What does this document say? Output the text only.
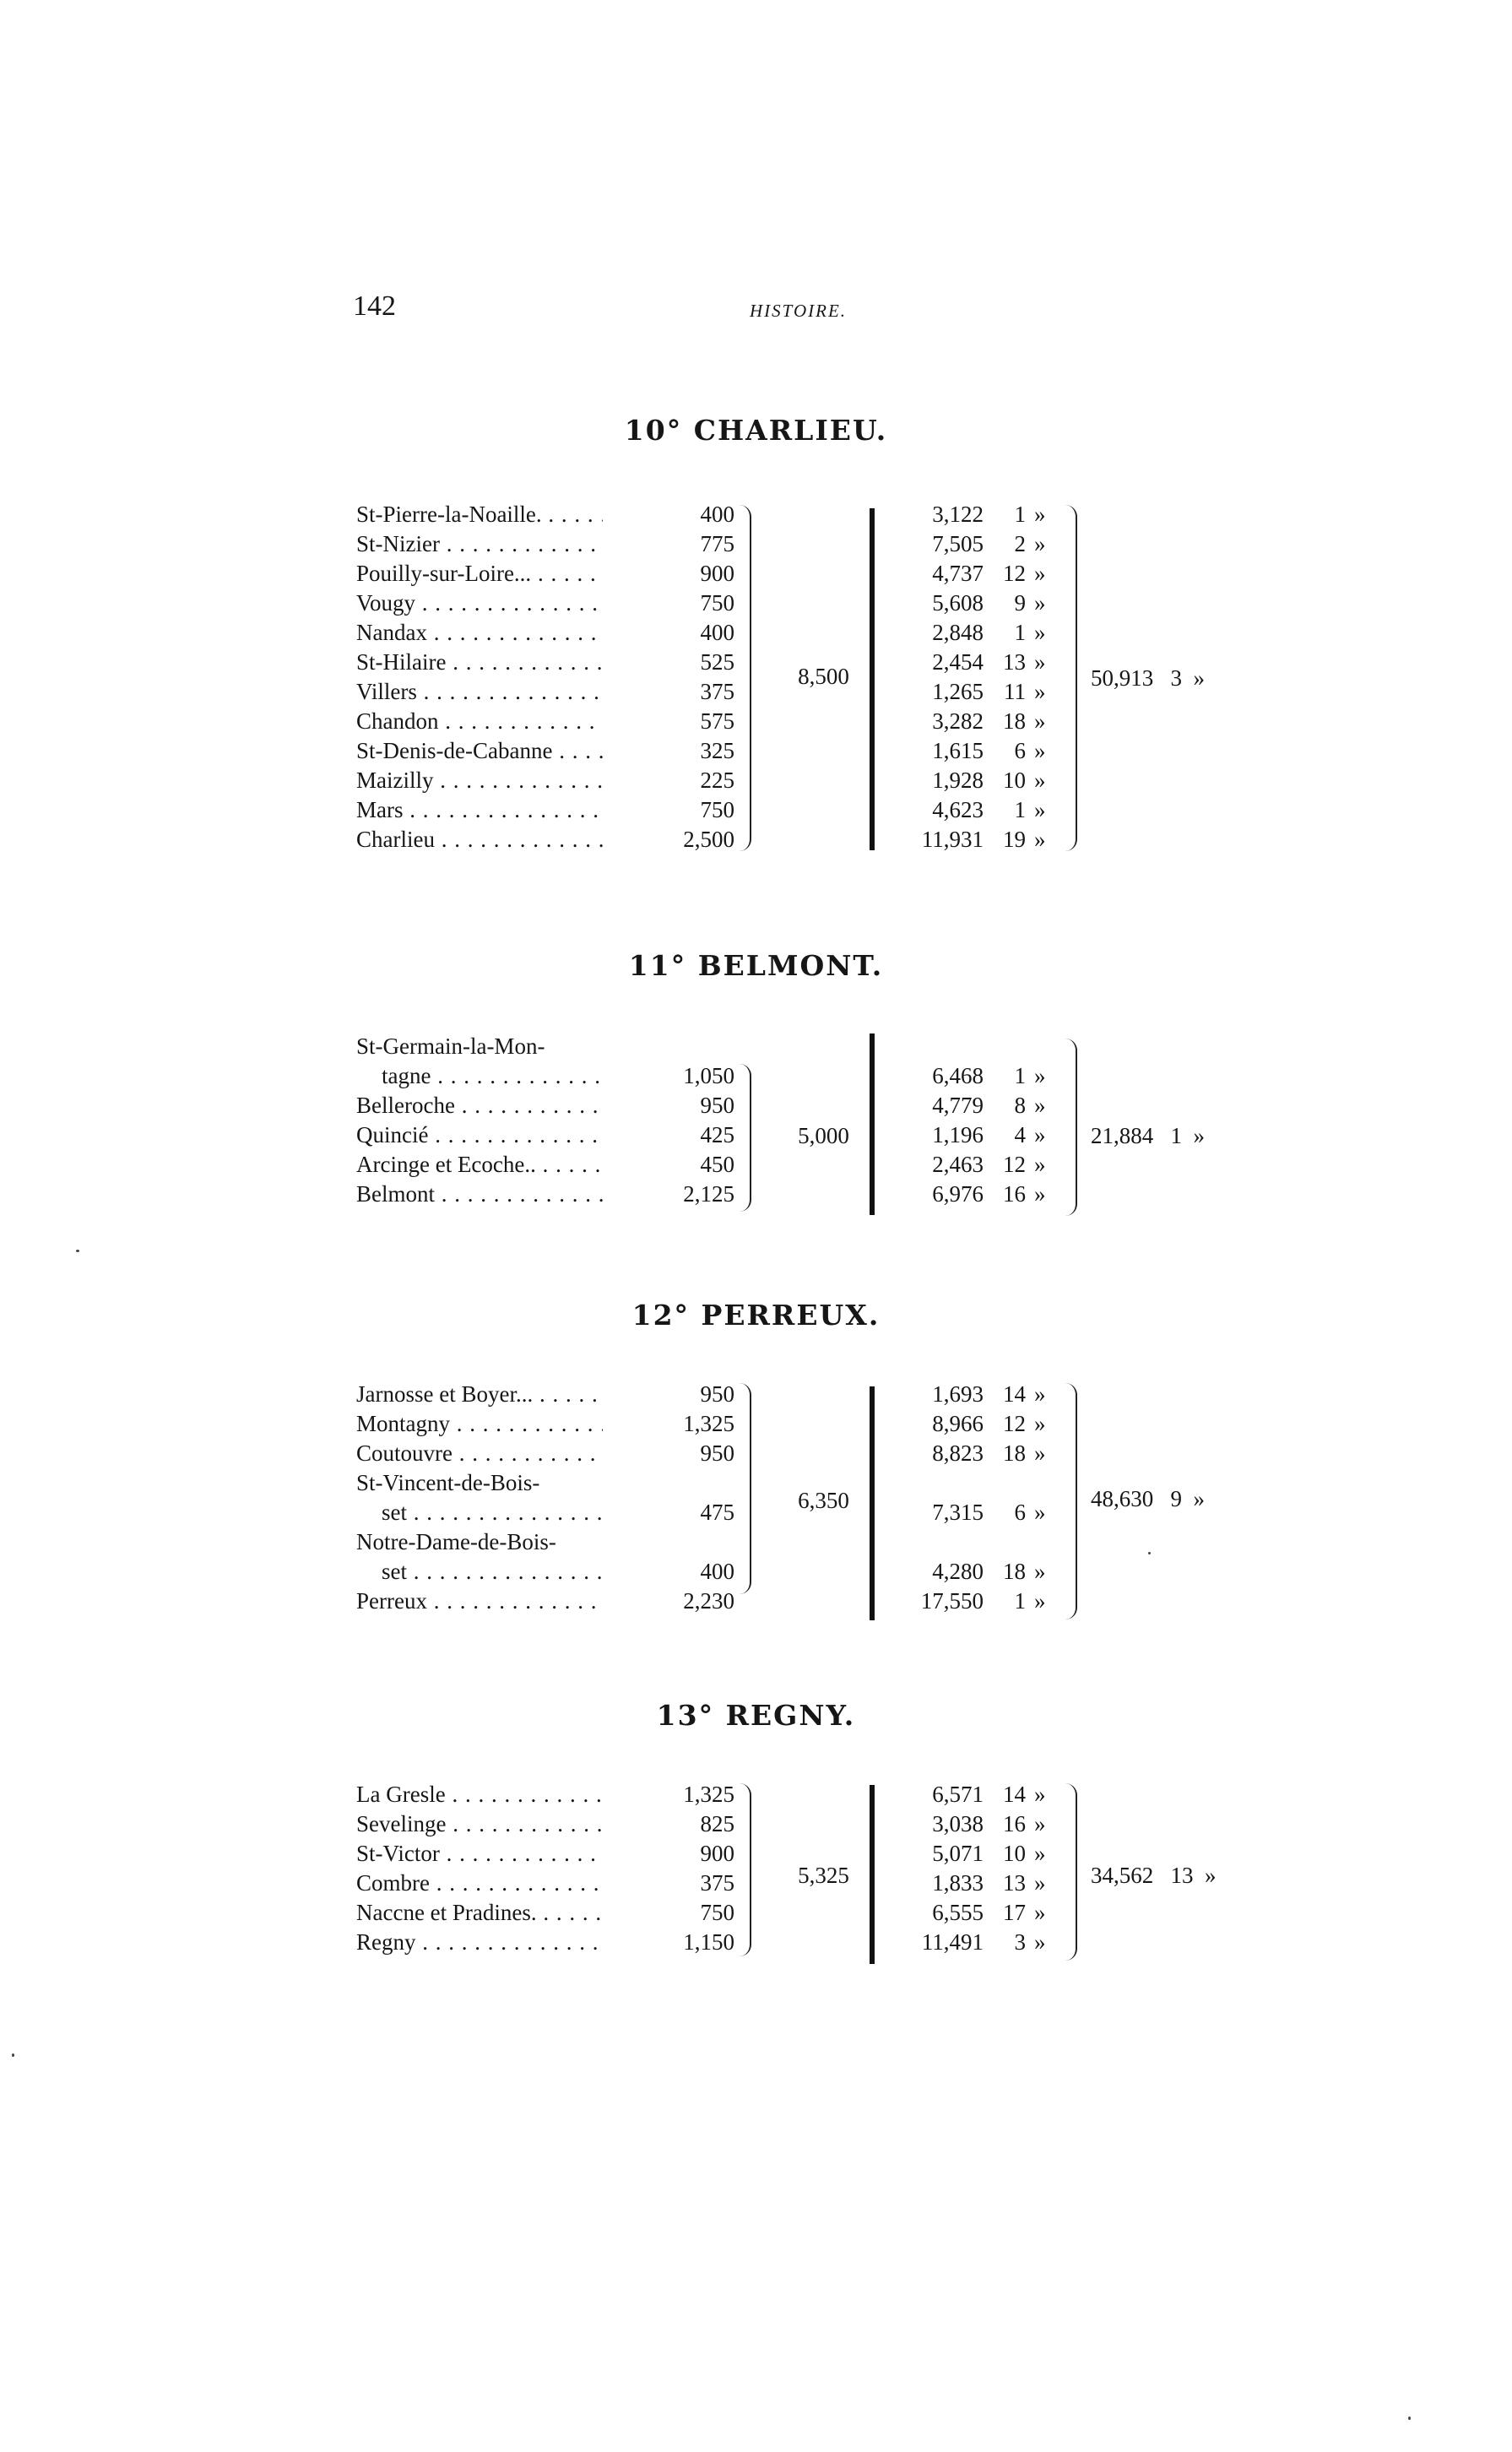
142	HISTOIRE.
10° CHARLIEU.
St-Pierre-la-Noaille. . . .	400	3,122	1 »
St-Nizier . . .	775	7,505	2 »
Pouilly-sur-Loire... . . .	900	4,737 12 »
Vougy . . .	750	5,608	9 »
Nandax . . .	400	2,848	1 »
St-Hilaire . . .	525	2,454 13 »
Villers . . .	375	1,265 11 »
Chandon . . .	575	3,282 18 »
St-Denis-de-Cabanne . . .	325	1,615	6 »
Maizilly . . .	225	1,928 10 »
Mars . . .	750	4,623	1 »
Charlieu . . .	2,500	11,931 19 »
8,500	50,913 3 »
11° BELMONT.
St-Germain-la-Mon-
tagne . . .	1,050	6,468	1 »
Belleroche . . .	950	4,779	8 »
Quincié . . .	425	1,196	4 »
Arcinge et Ecoche.. . . .	450	2,463 12 »
Belmont . . .	2,125	6,976 16 »
5,000	21,884 1 »
12° PERREUX.
Jarnosse et Boyer... . . .	950	1,693 14 »
Montagny . . .	1,325	8,966 12 »
Coutouvre . . .	950	8,823 18 »
St-Vincent-de-Bois-
set . . .	475	7,315	6 »
Notre-Dame-de-Bois-
set . . .	400	4,280 18 »
Perreux . . .	2,230	17,550	1 »
6,350	48,630 9 »
13° REGNY.
La Gresle . . .	1,325	6,571 14 »
Sevelinge . . .	825	3,038 16 »
St-Victor . . .	900	5,071 10 »
Combre . . .	375	1,833 13 »
Naccne et Pradines. . . .	750	6,555 17 »
Regny . . .	1,150	11,491	3 »
5,325	34,562 13 »
